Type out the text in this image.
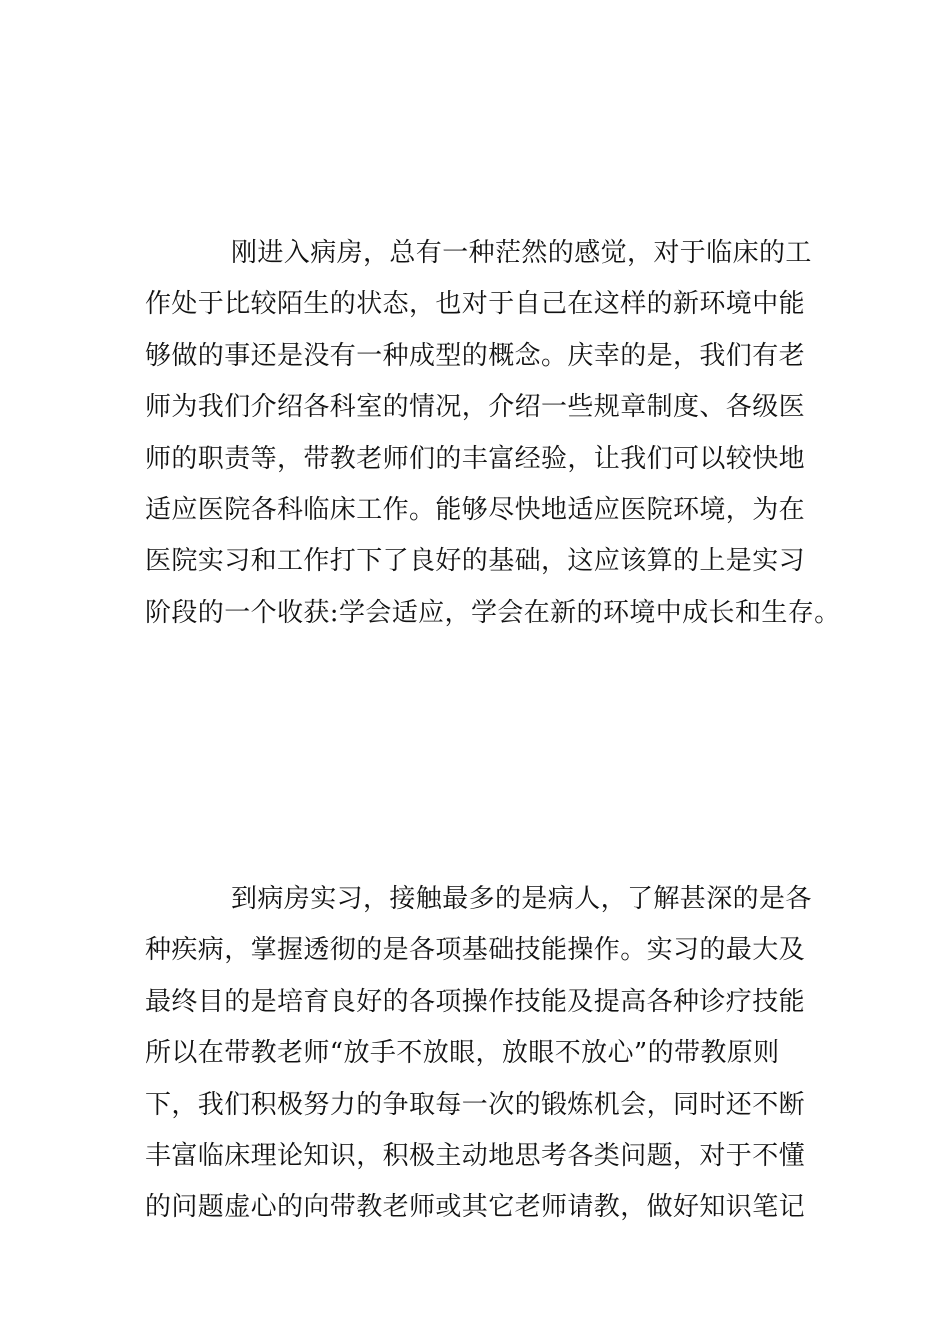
刚进入病房，总有一种茫然的感觉，对于临床的工
作处于比较陌生的状态，也对于自己在这样的新环境中能
够做的事还是没有一种成型的概念。庆幸的是，我们有老
师为我们介绍各科室的情况，介绍一些规章制度、各级医
师的职责等，带教老师们的丰富经验，让我们可以较快地
适应医院各科临床工作。能够尽快地适应医院环境，为在
医院实习和工作打下了良好的基础，这应该算的上是实习
阶段的一个收获:学会适应，学会在新的环境中成长和生存。
到病房实习，接触最多的是病人，了解甚深的是各
种疾病，掌握透彻的是各项基础技能操作。实习的最大及
最终目的是培育良好的各项操作技能及提高各种诊疗技能
所以在带教老师“放手不放眼，放眼不放心”的带教原则
下，我们积极努力的争取每一次的锻炼机会，同时还不断
丰富临床理论知识，积极主动地思考各类问题，对于不懂
的问题虚心的向带教老师或其它老师请教，做好知识笔记
